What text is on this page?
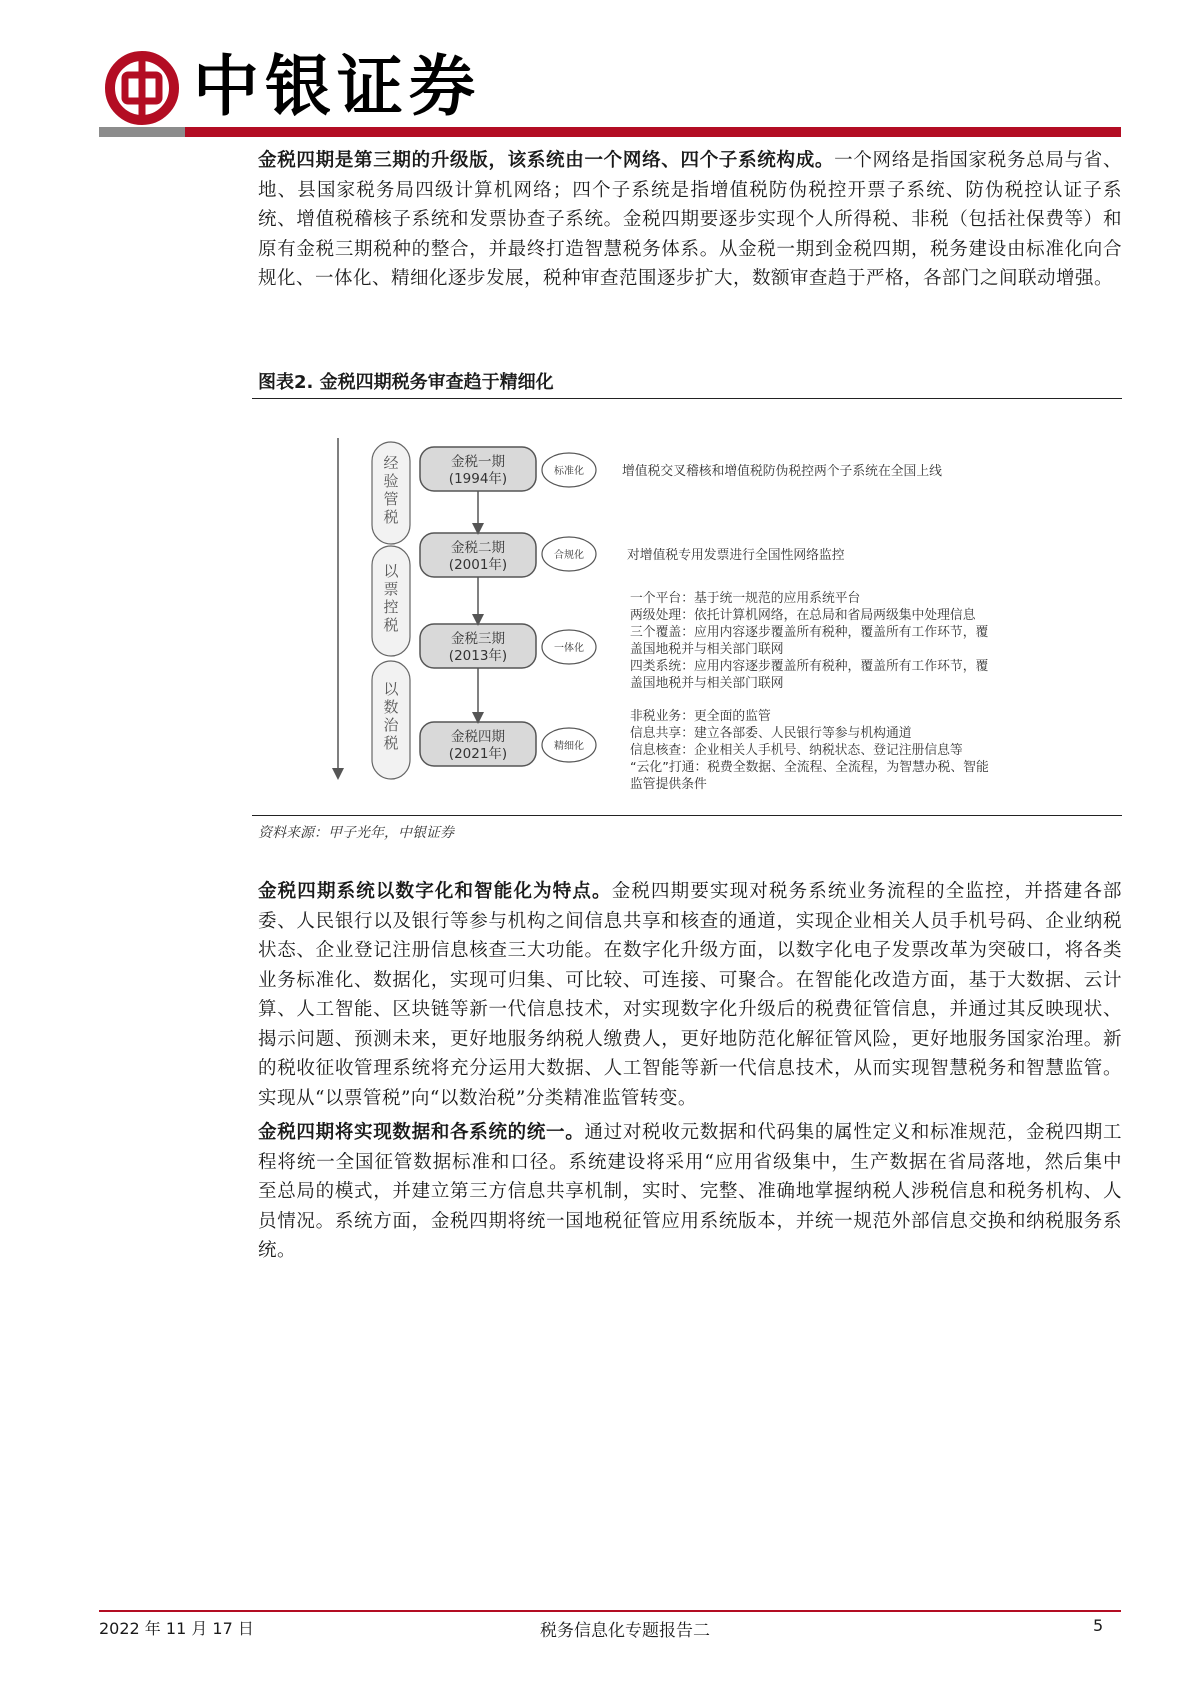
中银证券

金税四期是第三期的升级版，该系统由一个网络、四个子系统构成。一个网络是指国家税务总局与省、地、县国家税务局四级计算机网络；四个子系统是指增值税防伪税控开票子系统、防伪税控认证子系统、增值税稽核子系统和发票协查子系统。金税四期要逐步实现个人所得税、非税（包括社保费等）和原有金税三期税种的整合，并最终打造智慧税务体系。从金税一期到金税四期，税务建设由标准化向合规化、一体化、精细化逐步发展，税种审查范围逐步扩大，数额审查趋于严格，各部门之间联动增强。

图表2. 金税四期税务审查趋于精细化
经
验
管
税
以
票
控
税
以
数
治
税
金税一期
(1994年)
金税二期
(2001年)
金税三期
(2013年)
金税四期
(2021年)
标准化
合规化
一体化
精细化
增值税交叉稽核和增值税防伪税控两个子系统在全国上线
对增值税专用发票进行全国性网络监控
一个平台：基于统一规范的应用系统平台
两级处理：依托计算机网络，在总局和省局两级集中处理信息
三个覆盖：应用内容逐步覆盖所有税种，覆盖所有工作环节，覆
盖国地税并与相关部门联网
四类系统：应用内容逐步覆盖所有税种，覆盖所有工作环节，覆
盖国地税并与相关部门联网
非税业务：更全面的监管
信息共享：建立各部委、人民银行等参与机构通道
信息核查：企业相关人手机号、纳税状态、登记注册信息等
“云化”打通：税费全数据、全流程、全流程，为智慧办税、智能
监管提供条件
资料来源：甲子光年，中银证券

金税四期系统以数字化和智能化为特点。金税四期要实现对税务系统业务流程的全监控，并搭建各部委、人民银行以及银行等参与机构之间信息共享和核查的通道，实现企业相关人员手机号码、企业纳税状态、企业登记注册信息核查三大功能。在数字化升级方面，以数字化电子发票改革为突破口，将各类业务标准化、数据化，实现可归集、可比较、可连接、可聚合。在智能化改造方面，基于大数据、云计算、人工智能、区块链等新一代信息技术，对实现数字化升级后的税费征管信息，并通过其反映现状、揭示问题、预测未来，更好地服务纳税人缴费人，更好地防范化解征管风险，更好地服务国家治理。新的税收征收管理系统将充分运用大数据、人工智能等新一代信息技术，从而实现智慧税务和智慧监管。实现从“以票管税”向“以数治税”分类精准监管转变。

金税四期将实现数据和各系统的统一。通过对税收元数据和代码集的属性定义和标准规范，金税四期工程将统一全国征管数据标准和口径。系统建设将采用“应用省级集中，生产数据在省局落地，然后集中至总局的模式，并建立第三方信息共享机制，实时、完整、准确地掌握纳税人涉税信息和税务机构、人员情况。系统方面，金税四期将统一国地税征管应用系统版本，并统一规范外部信息交换和纳税服务系统。

2022 年 11 月 17 日	税务信息化专题报告二	5
